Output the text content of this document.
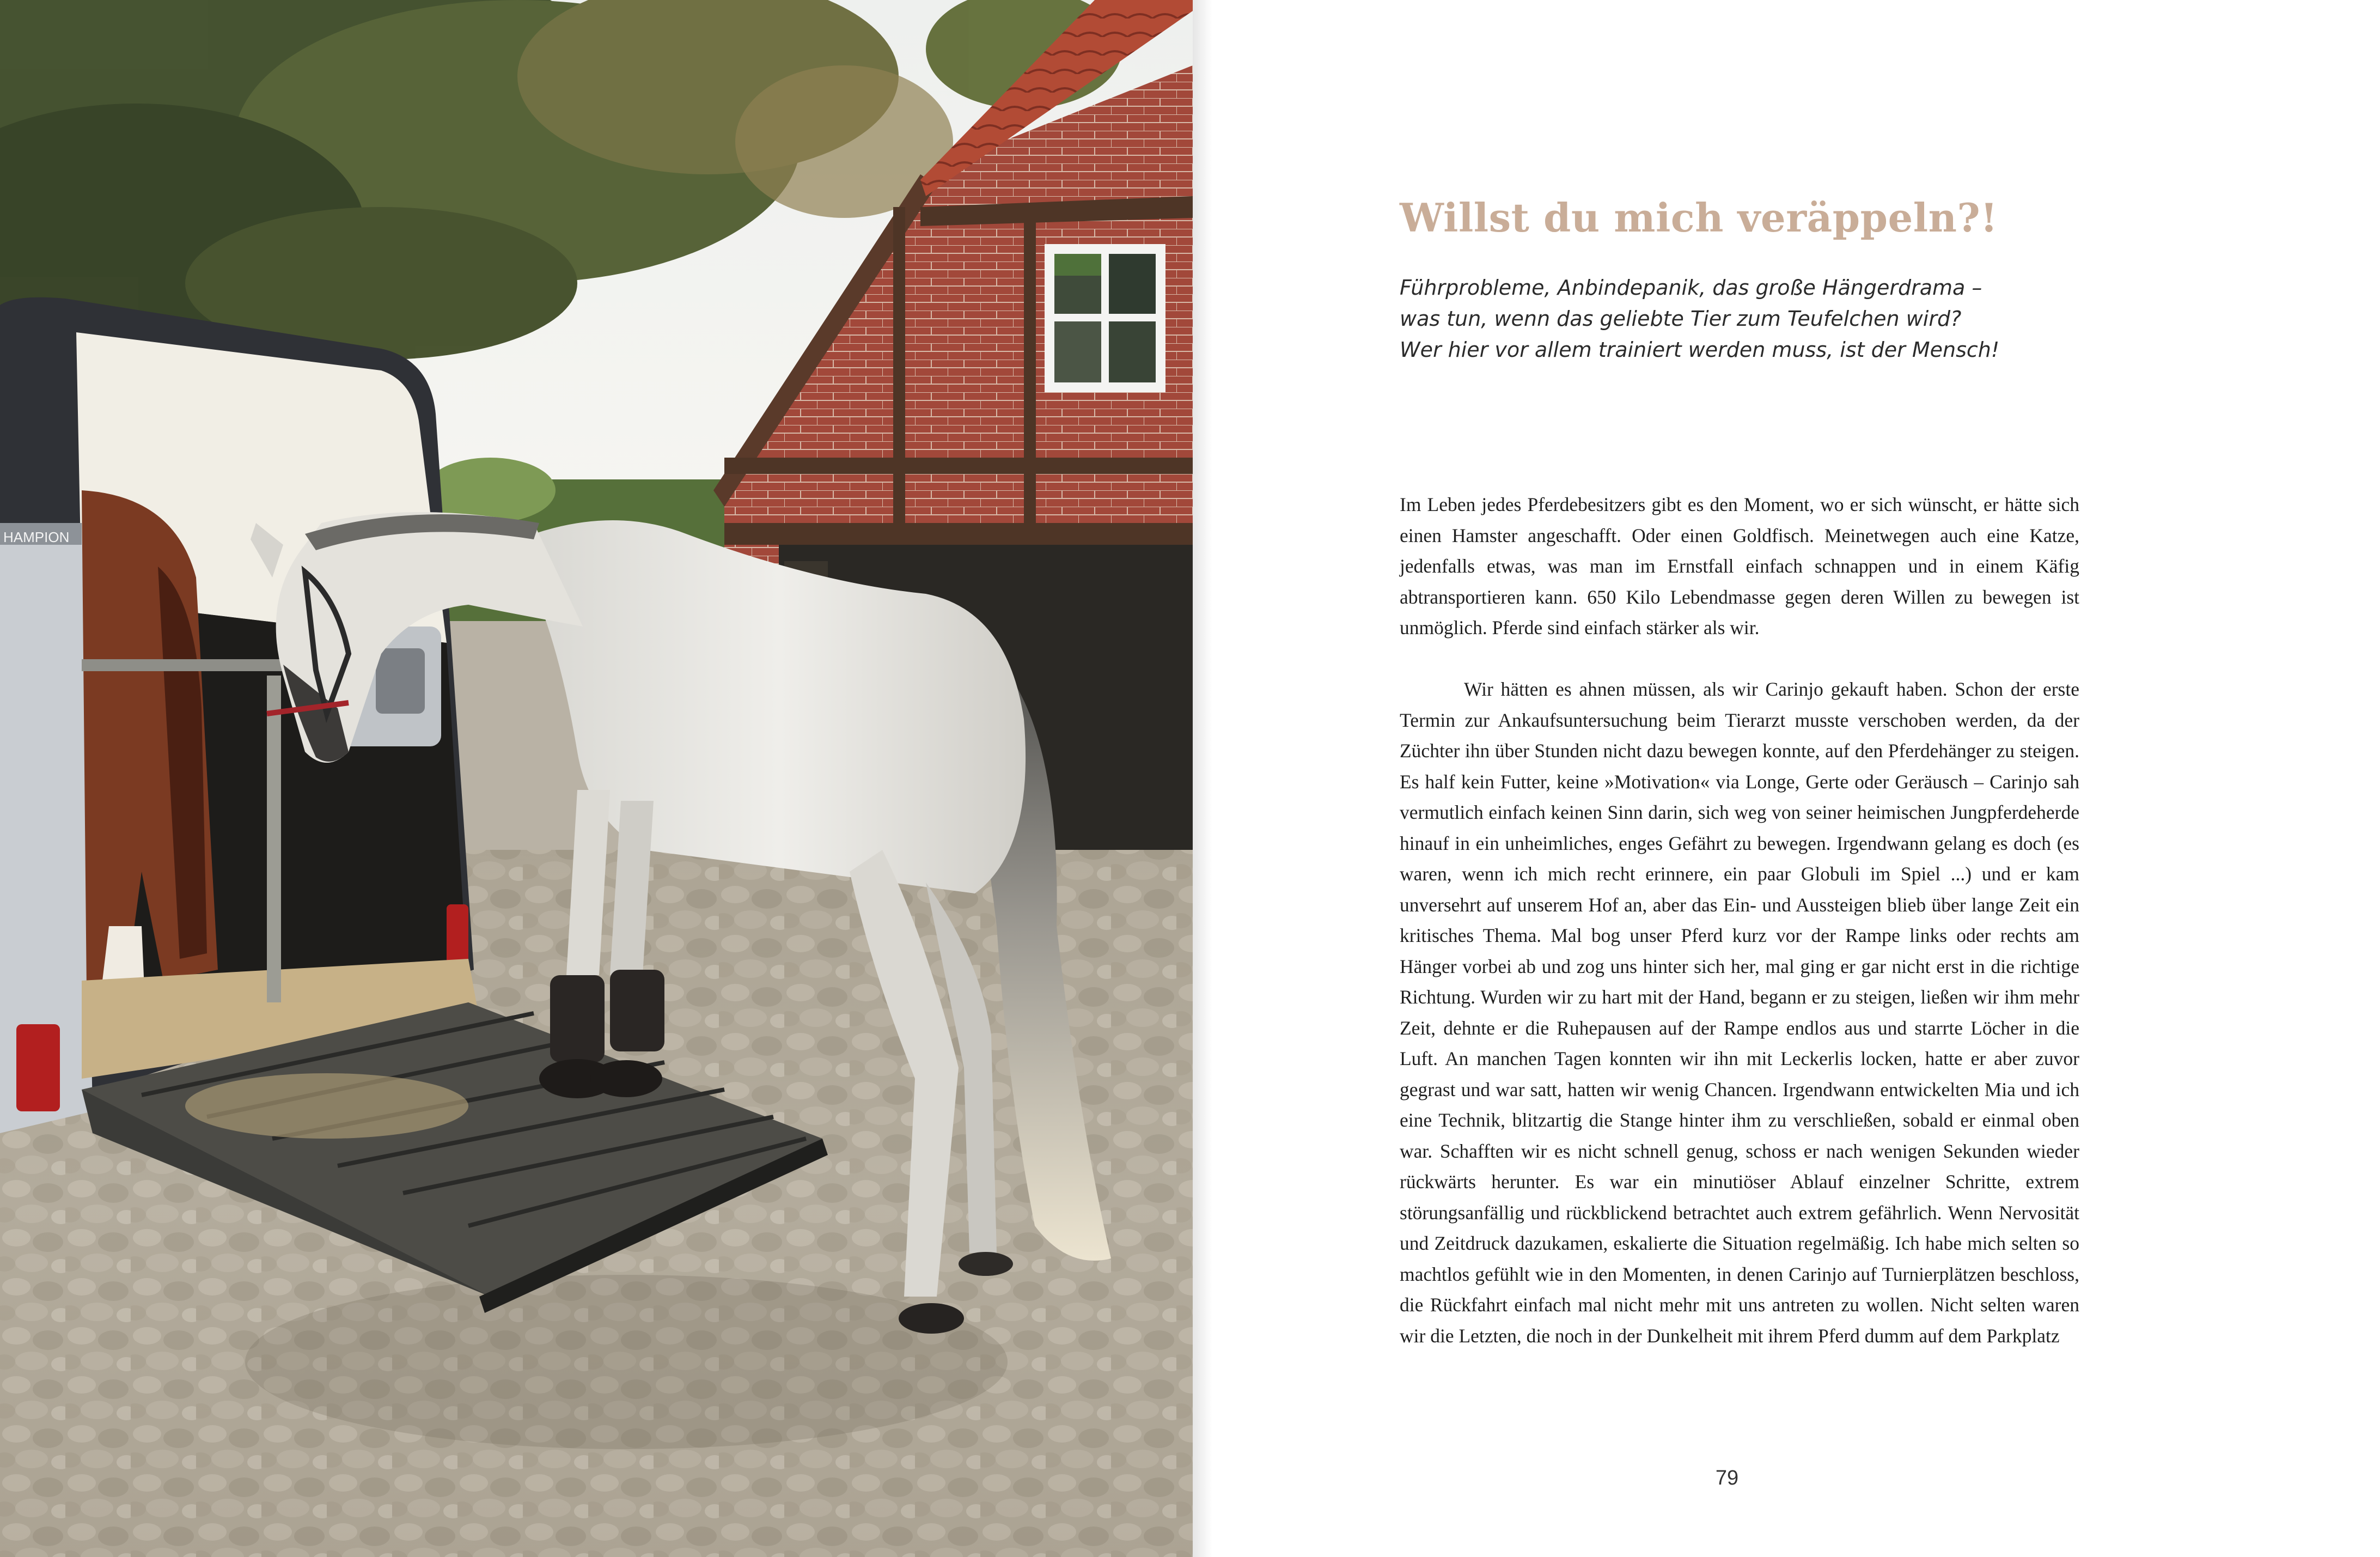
HAMPION
Willst du mich veräppeln?!
Führprobleme, Anbindepanik, das große Hängerdrama –
was tun, wenn das geliebte Tier zum Teufelchen wird?
Wer hier vor allem trainiert werden muss, ist der Mensch!

Im Leben jedes Pferdebesitzers gibt es den Moment, wo er sich wünscht, er hätte sich einen Hamster angeschafft. Oder einen Goldfisch. Meinetwegen auch eine Katze, jedenfalls etwas, was man im Ernstfall einfach schnappen und in einem Käfig abtransportieren kann. 650 Kilo Lebendmasse gegen deren Willen zu bewegen ist unmöglich. Pferde sind einfach stärker als wir.

Wir hätten es ahnen müssen, als wir Carinjo gekauft haben. Schon der erste Termin zur Ankaufsuntersuchung beim Tierarzt musste verschoben werden, da der Züchter ihn über Stunden nicht dazu bewegen konnte, auf den Pferdehänger zu steigen. Es half kein Futter, keine »Motivation« via Longe, Gerte oder Geräusch – Carinjo sah vermutlich einfach keinen Sinn darin, sich weg von seiner heimischen Jungpferdeherde hinauf in ein unheimliches, enges Gefährt zu bewegen. Irgendwann gelang es doch (es waren, wenn ich mich recht erinnere, ein paar Globuli im Spiel ...) und er kam unversehrt auf unserem Hof an, aber das Ein- und Aussteigen blieb über lange Zeit ein kritisches Thema. Mal bog unser Pferd kurz vor der Rampe links oder rechts am Hänger vorbei ab und zog uns hinter sich her, mal ging er gar nicht erst in die richtige Richtung. Wurden wir zu hart mit der Hand, begann er zu steigen, ließen wir ihm mehr Zeit, dehnte er die Ruhepausen auf der Rampe endlos aus und starrte Löcher in die Luft. An manchen Tagen konnten wir ihn mit Leckerlis locken, hatte er aber zuvor gegrast und war satt, hatten wir wenig Chancen. Irgendwann entwickelten Mia und ich eine Technik, blitzartig die Stange hinter ihm zu verschließen, sobald er einmal oben war. Schafften wir es nicht schnell genug, schoss er nach wenigen Sekunden wieder rückwärts herunter. Es war ein minutiöser Ablauf einzelner Schritte, extrem störungsanfällig und rückblickend betrachtet auch extrem gefährlich. Wenn Nervosität und Zeitdruck dazukamen, eskalierte die Situation regelmäßig. Ich habe mich selten so machtlos gefühlt wie in den Momenten, in denen Carinjo auf Turnierplätzen beschloss, die Rückfahrt einfach mal nicht mehr mit uns antreten zu wollen. Nicht selten waren wir die Letzten, die noch in der Dunkelheit mit ihrem Pferd dumm auf dem Parkplatz

79
